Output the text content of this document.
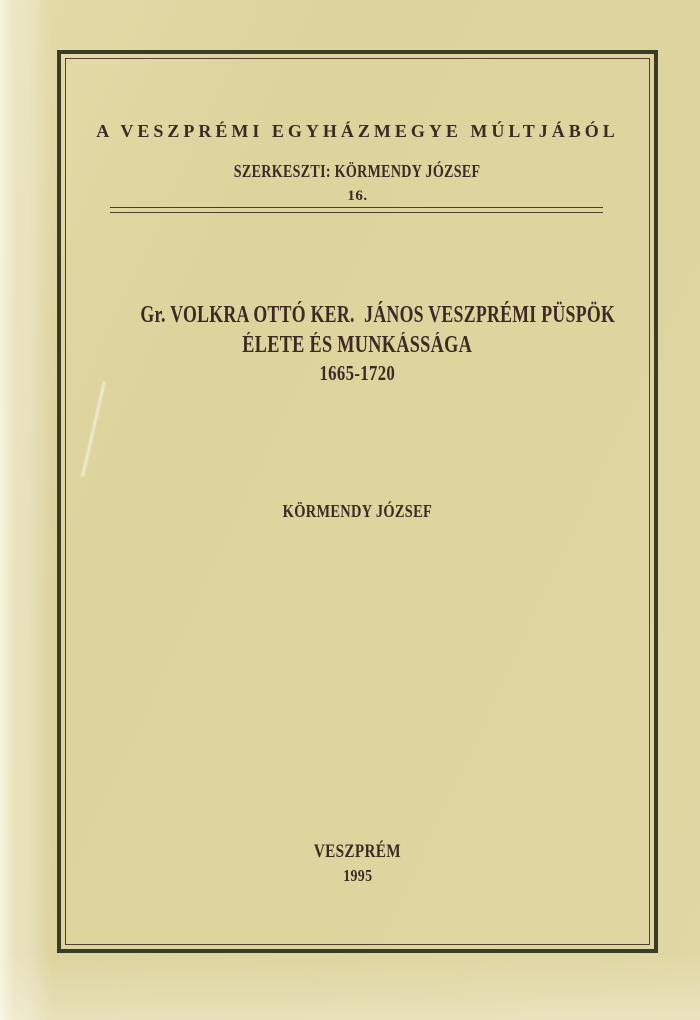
A VESZPRÉMI EGYHÁZMEGYE MÚLTJÁBÓL
SZERKESZTI: KÖRMENDY JÓZSEF
16.
Gr. VOLKRA OTTÓ KER.  JÁNOS VESZPRÉMI PÜSPÖK
ÉLETE ÉS MUNKÁSSÁGA
1665-1720
KÖRMENDY JÓZSEF
VESZPRÉM
1995
